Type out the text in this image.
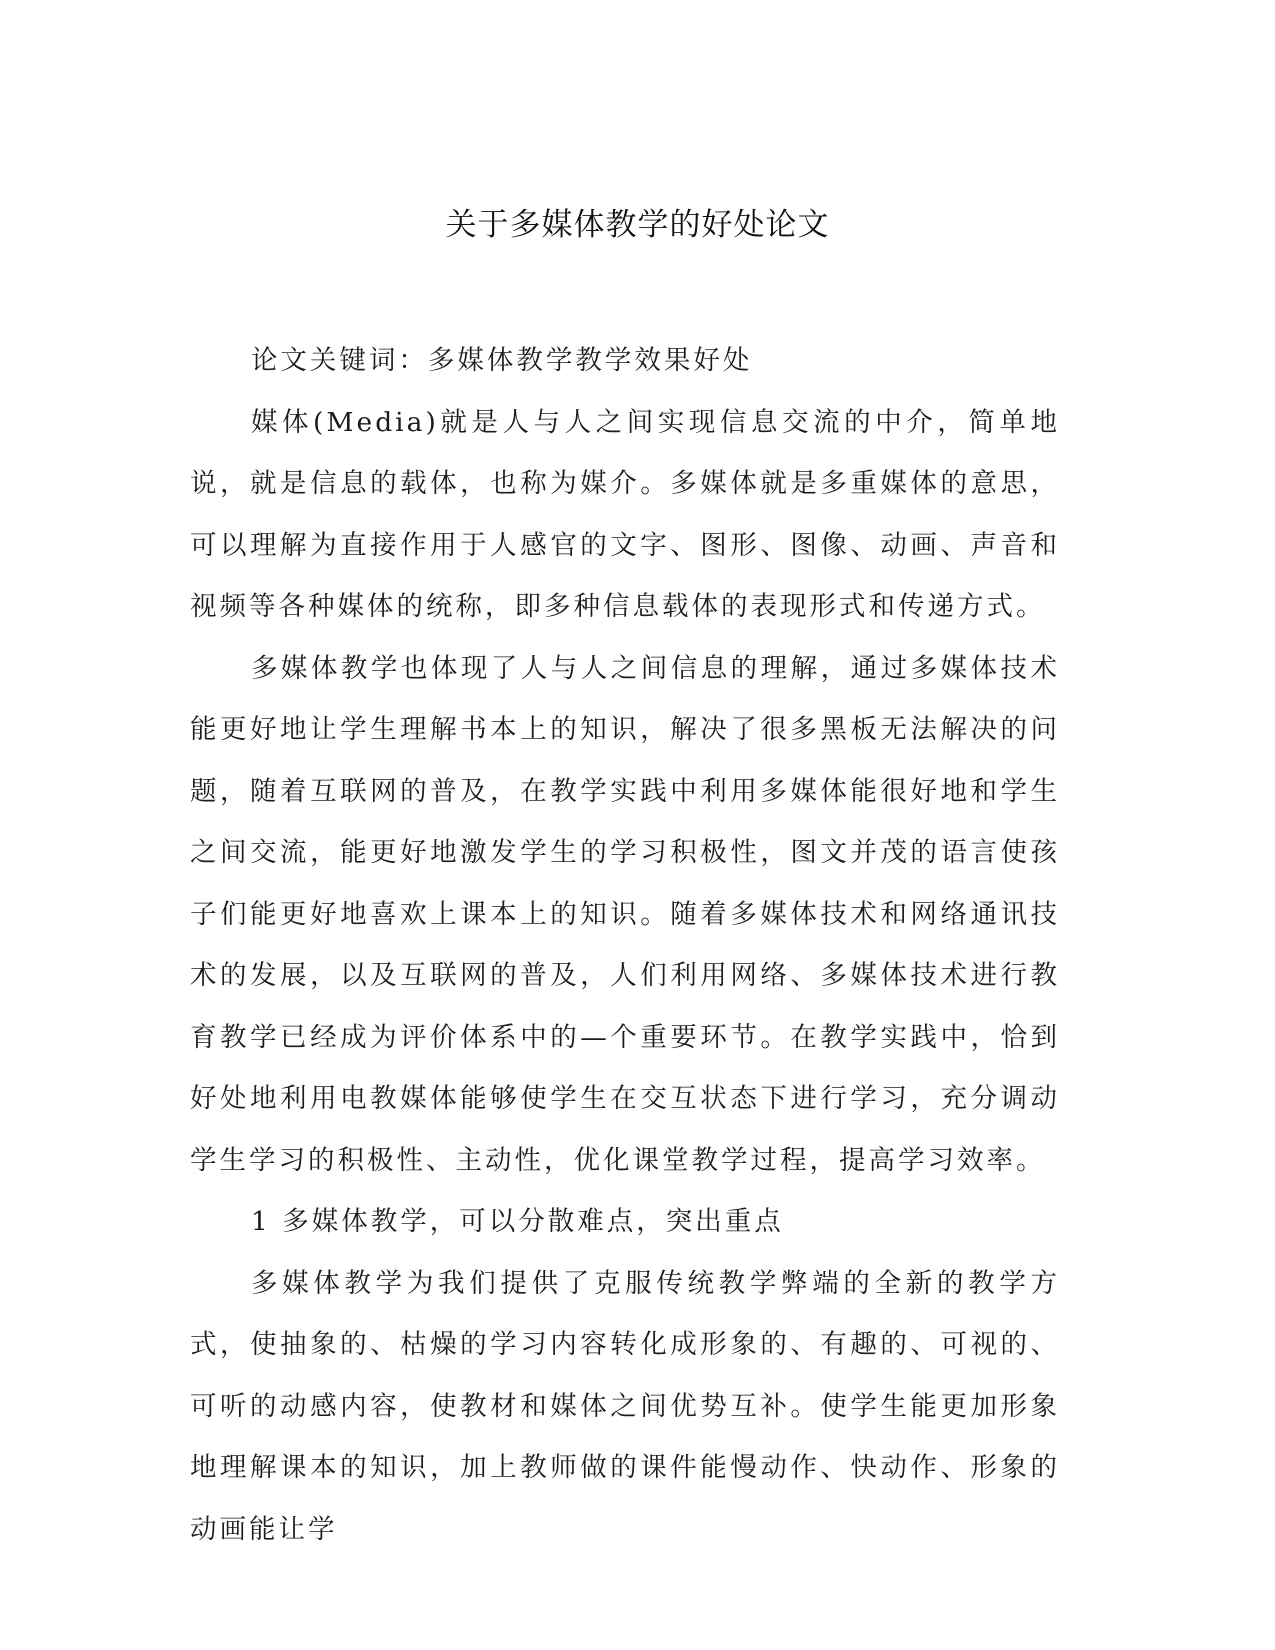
关于多媒体教学的好处论文

论文关键词：多媒体教学教学效果好处

媒体(Media)就是人与人之间实现信息交流的中介，简单地说，就是信息的载体，也称为媒介。多媒体就是多重媒体的意思，可以理解为直接作用于人感官的文字、图形、图像、动画、声音和视频等各种媒体的统称，即多种信息载体的表现形式和传递方式。

多媒体教学也体现了人与人之间信息的理解，通过多媒体技术能更好地让学生理解书本上的知识，解决了很多黑板无法解决的问题，随着互联网的普及，在教学实践中利用多媒体能很好地和学生之间交流，能更好地激发学生的学习积极性，图文并茂的语言使孩子们能更好地喜欢上课本上的知识。随着多媒体技术和网络通讯技术的发展，以及互联网的普及，人们利用网络、多媒体技术进行教育教学已经成为评价体系中的—个重要环节。在教学实践中，恰到好处地利用电教媒体能够使学生在交互状态下进行学习，充分调动学生学习的积极性、主动性，优化课堂教学过程，提高学习效率。

1 多媒体教学，可以分散难点，突出重点

多媒体教学为我们提供了克服传统教学弊端的全新的教学方式，使抽象的、枯燥的学习内容转化成形象的、有趣的、可视的、可听的动感内容，使教材和媒体之间优势互补。使学生能更加形象地理解课本的知识，加上教师做的课件能慢动作、快动作、形象的动画能让学
